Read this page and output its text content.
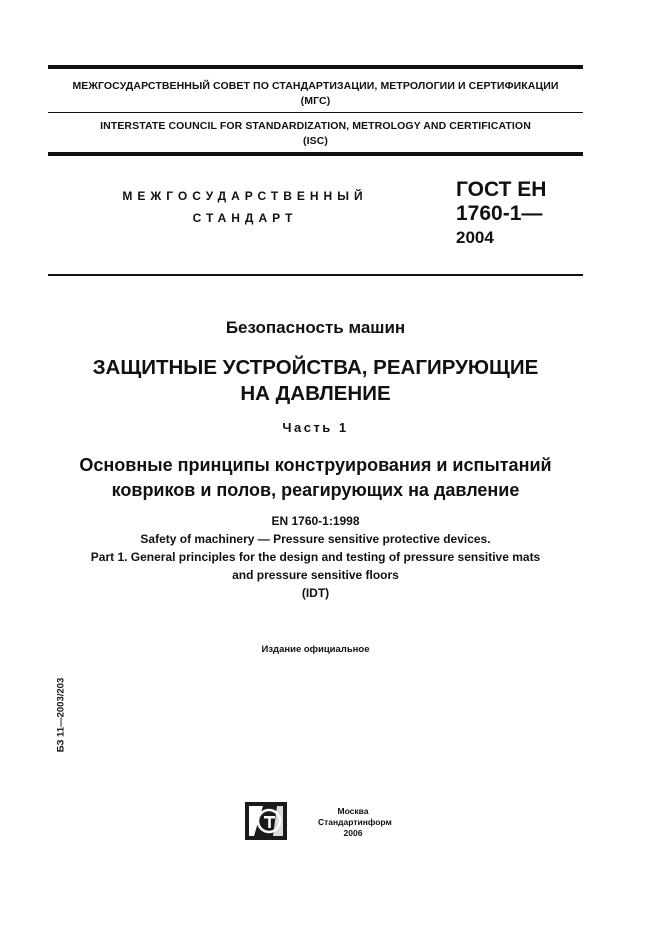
МЕЖГОСУДАРСТВЕННЫЙ СОВЕТ ПО СТАНДАРТИЗАЦИИ, МЕТРОЛОГИИ И СЕРТИФИКАЦИИ
(МГС)
INTERSTATE COUNCIL FOR STANDARDIZATION, METROLOGY AND CERTIFICATION
(ISC)
МЕЖГОСУДАРСТВЕННЫЙ
СТАНДАРТ
ГОСТ ЕН
1760-1—
2004
Безопасность машин
ЗАЩИТНЫЕ УСТРОЙСТВА, РЕАГИРУЮЩИЕ
НА ДАВЛЕНИЕ
Часть 1
Основные принципы конструирования и испытаний
ковриков и полов, реагирующих на давление
EN 1760-1:1998
Safety of machinery — Pressure sensitive protective devices.
Part 1. General principles for the design and testing of pressure sensitive mats
and pressure sensitive floors
(IDT)
Издание официальное
БЗ 11—2003/203
Москва
Стандартинформ
2006
